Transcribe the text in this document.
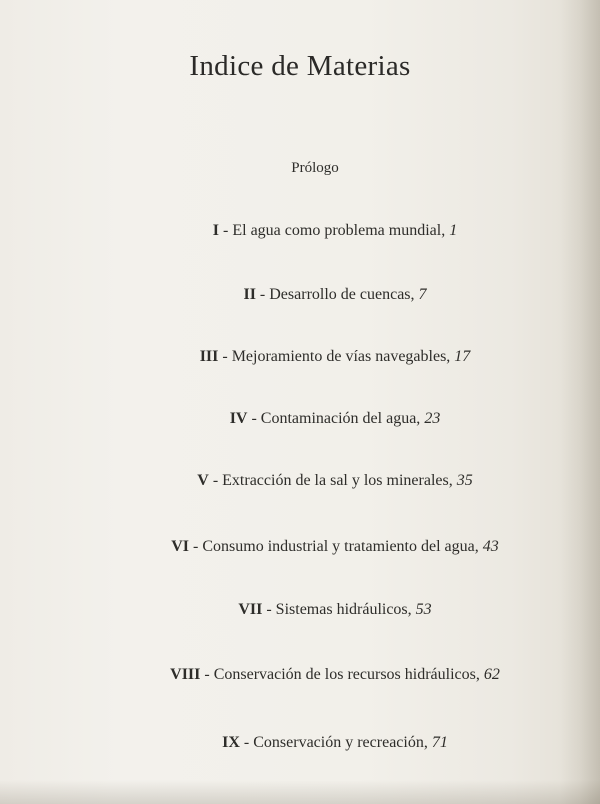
Indice de Materias
Prólogo
I - El agua como problema mundial, 1
II - Desarrollo de cuencas, 7
III - Mejoramiento de vías navegables, 17
IV - Contaminación del agua, 23
V - Extracción de la sal y los minerales, 35
VI - Consumo industrial y tratamiento del agua, 43
VII - Sistemas hidráulicos, 53
VIII - Conservación de los recursos hidráulicos, 62
IX - Conservación y recreación, 71
